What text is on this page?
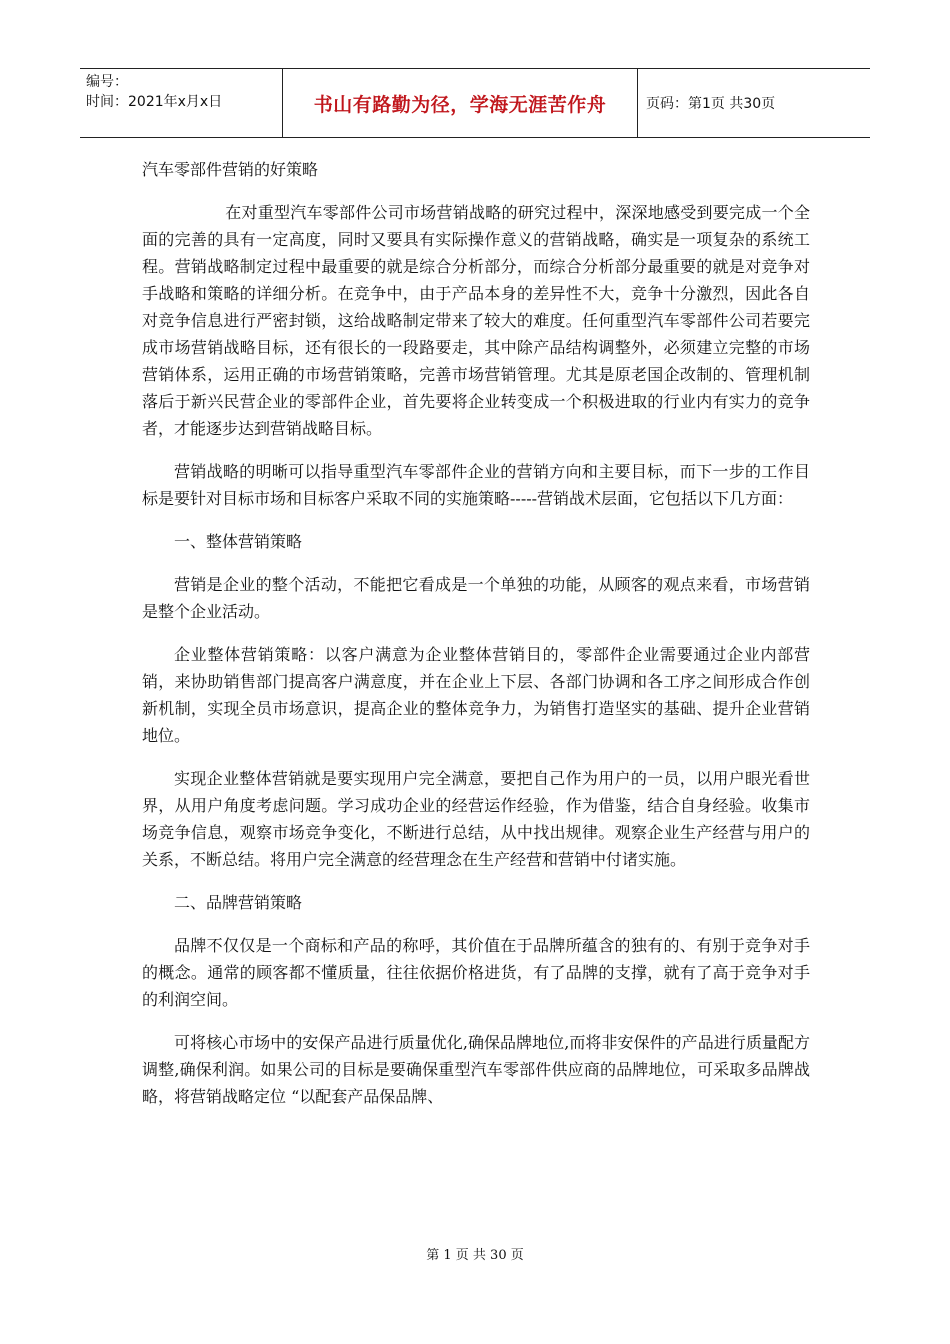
编号：
时间：2021年x月x日	书山有路勤为径，学海无涯苦作舟	页码：第1页 共30页
汽车零部件营销的好策略

在对重型汽车零部件公司市场营销战略的研究过程中，深深地感受到要完成一个全面的完善的具有一定高度，同时又要具有实际操作意义的营销战略，确实是一项复杂的系统工程。营销战略制定过程中最重要的就是综合分析部分，而综合分析部分最重要的就是对竞争对手战略和策略的详细分析。在竞争中，由于产品本身的差异性不大，竞争十分激烈，因此各自对竞争信息进行严密封锁，这给战略制定带来了较大的难度。任何重型汽车零部件公司若要完成市场营销战略目标，还有很长的一段路要走，其中除产品结构调整外，必须建立完整的市场营销体系，运用正确的市场营销策略，完善市场营销管理。尤其是原老国企改制的、管理机制落后于新兴民营企业的零部件企业，首先要将企业转变成一个积极进取的行业内有实力的竞争者，才能逐步达到营销战略目标。

营销战略的明晰可以指导重型汽车零部件企业的营销方向和主要目标，而下一步的工作目标是要针对目标市场和目标客户采取不同的实施策略-----营销战术层面，它包括以下几方面：

一、整体营销策略

营销是企业的整个活动，不能把它看成是一个单独的功能，从顾客的观点来看，市场营销是整个企业活动。

企业整体营销策略：以客户满意为企业整体营销目的，零部件企业需要通过企业内部营销，来协助销售部门提高客户满意度，并在企业上下层、各部门协调和各工序之间形成合作创新机制，实现全员市场意识，提高企业的整体竞争力，为销售打造坚实的基础、提升企业营销地位。

实现企业整体营销就是要实现用户完全满意，要把自己作为用户的一员，以用户眼光看世界，从用户角度考虑问题。学习成功企业的经营运作经验，作为借鉴，结合自身经验。收集市场竞争信息，观察市场竞争变化，不断进行总结，从中找出规律。观察企业生产经营与用户的关系，不断总结。将用户完全满意的经营理念在生产经营和营销中付诸实施。

二、品牌营销策略

品牌不仅仅是一个商标和产品的称呼，其价值在于品牌所蕴含的独有的、有别于竞争对手的概念。通常的顾客都不懂质量，往往依据价格进货，有了品牌的支撑，就有了高于竞争对手的利润空间。

可将核心市场中的安保产品进行质量优化,确保品牌地位,而将非安保件的产品进行质量配方调整,确保利润。如果公司的目标是要确保重型汽车零部件供应商的品牌地位，可采取多品牌战略，将营销战略定位 “以配套产品保品牌、

第 1 页 共 30 页
